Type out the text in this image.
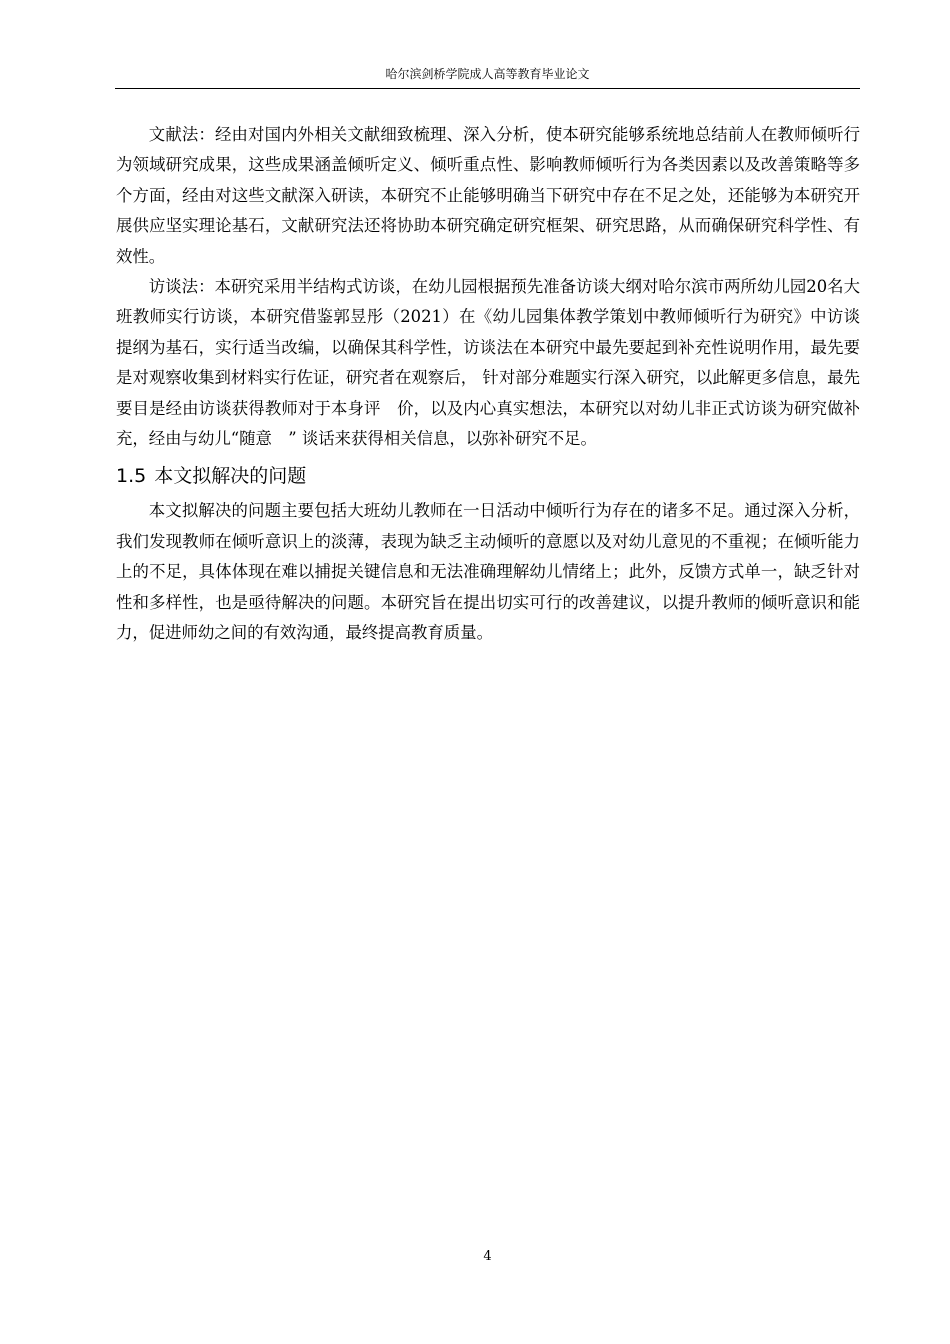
哈尔滨剑桥学院成人高等教育毕业论文

文献法：经由对国内外相关文献细致梳理、深入分析，使本研究能够系统地总结前人在教师倾听行为领域研究成果，这些成果涵盖倾听定义、倾听重点性、影响教师倾听行为各类因素以及改善策略等多个方面，经由对这些文献深入研读，本研究不止能够明确当下研究中存在不足之处，还能够为本研究开展供应坚实理论基石，文献研究法还将协助本研究确定研究框架、研究思路，从而确保研究科学性、有效性。

访谈法：本研究采用半结构式访谈，在幼儿园根据预先准备访谈大纲对哈尔滨市两所幼儿园20名大班教师实行访谈，本研究借鉴郭昱彤（2021）在《幼儿园集体教学策划中教师倾听行为研究》中访谈提纲为基石，实行适当改编，以确保其科学性，访谈法在本研究中最先要起到补充性说明作用，最先要是对观察收集到材料实行佐证，研究者在观察后， 针对部分难题实行深入研究，以此解更多信息，最先要目是经由访谈获得教师对于本身评　价，以及内心真实想法，本研究以对幼儿非正式访谈为研究做补充，经由与幼儿“随意　” 谈话来获得相关信息，以弥补研究不足。

1.5 本文拟解决的问题

本文拟解决的问题主要包括大班幼儿教师在一日活动中倾听行为存在的诸多不足。通过深入分析，我们发现教师在倾听意识上的淡薄，表现为缺乏主动倾听的意愿以及对幼儿意见的不重视；在倾听能力上的不足，具体体现在难以捕捉关键信息和无法准确理解幼儿情绪上；此外，反馈方式单一，缺乏针对性和多样性，也是亟待解决的问题。本研究旨在提出切实可行的改善建议，以提升教师的倾听意识和能力，促进师幼之间的有效沟通，最终提高教育质量。

4
